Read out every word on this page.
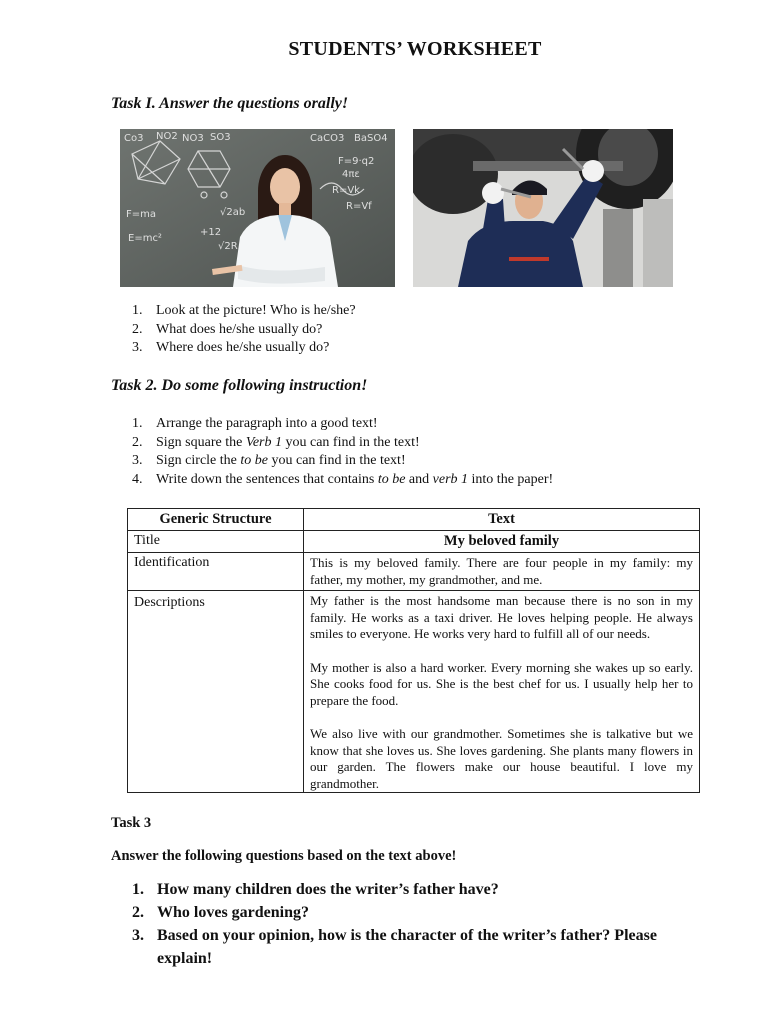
STUDENTS’ WORKSHEET

Task I. Answer the questions orally!

Co3 NO2 NO3 SO3	CaCO3 BaSO4
F=9·q2
4πε
R=Vk
R=Vf
√2ab
+12
√2R
F=ma
E=mc²
1. Look at the picture! Who is he/she?
2. What does he/she usually do?
3. Where does he/she usually do?

Task 2. Do some following instruction!

1. Arrange the paragraph into a good text!
2. Sign square the Verb 1 you can find in the text!
3. Sign circle the to be you can find in the text!
4. Write down the sentences that contains to be and verb 1 into the paper!
Generic Structure	Text
Title	My beloved family
Identification	This is my beloved family. There are four people in my family: my father, my mother, my grandmother, and me.

Descriptions	My father is the most handsome man because there is no son in my family. He works as a taxi driver. He loves helping people. He always smiles to everyone. He works very hard to fulfill all of our needs.

My mother is also a hard worker. Every morning she wakes up so early. She cooks food for us. She is the best chef for us. I usually help her to prepare the food.

We also live with our grandmother. Sometimes she is talkative but we know that she loves us. She loves gardening. She plants many flowers in our garden. The flowers make our house beautiful. I love my grandmother.

Task 3
Answer the following questions based on the text above!
1. How many children does the writer’s father have?
2. Who loves gardening?
3. Based on your opinion, how is the character of the writer’s father? Please explain!
